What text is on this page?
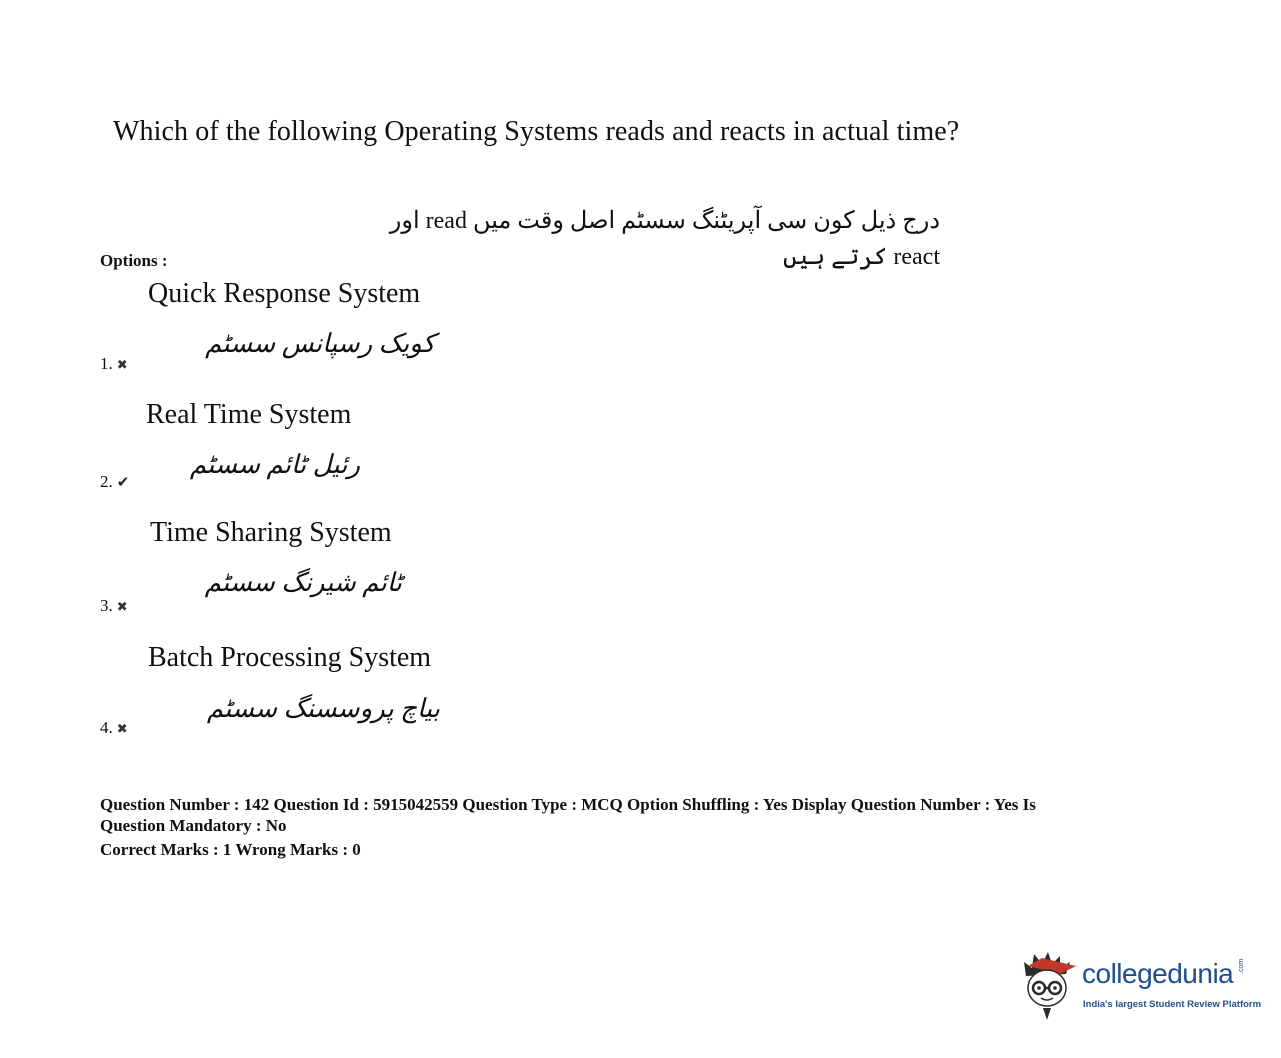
Which of the following Operating Systems reads and reacts in actual time?
درج ذیل کون سی آپریٹنگ سسٹم اصل وقت میں read اور react کرتے ہیں
Options :
Quick Response System
کویک رسپانس سسٹم
1. ✖
Real Time System
رئیل ٹائم سسٹم
2. ✔
Time Sharing System
ٹائم شیرنگ سسٹم
3. ✖
Batch Processing System
بیاچ پروسسنگ سسٹم
4. ✖
Question Number : 142 Question Id : 5915042559 Question Type : MCQ Option Shuffling : Yes Display Question Number : Yes Is
Question Mandatory : No
Correct Marks : 1 Wrong Marks : 0
collegedunia .com
India's largest Student Review Platform
